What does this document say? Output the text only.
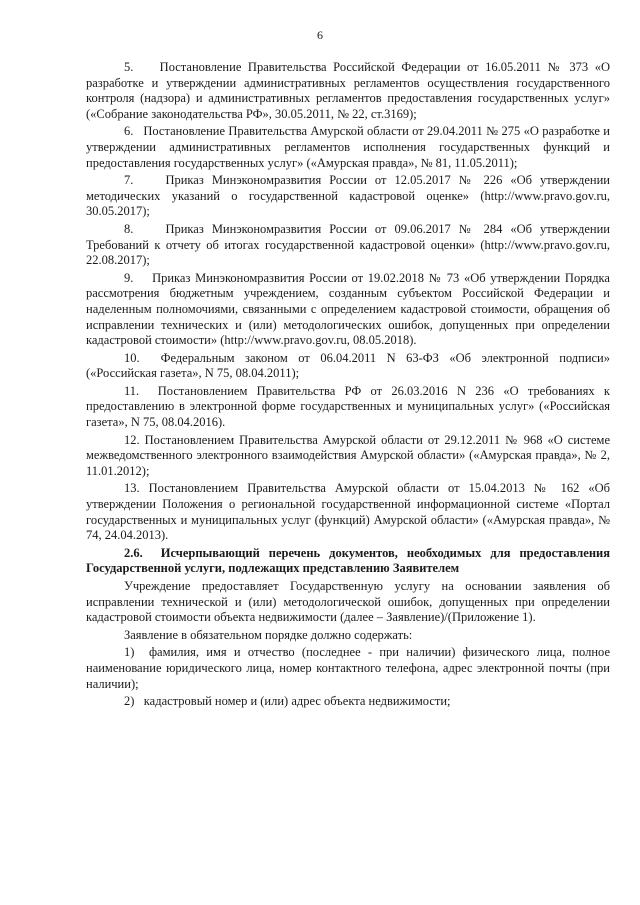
6

5.    Постановление Правительства Российской Федерации от 16.05.2011 № 373 «О разработке и утверждении административных регламентов осуществления государственного контроля (надзора) и административных регламентов предоставления государственных услуг» («Собрание законодательства РФ», 30.05.2011, № 22, ст.3169);

6.   Постановление Правительства Амурской области от 29.04.2011 № 275 «О разработке и утверждении административных регламентов исполнения государственных функций и предоставления государственных услуг» («Амурская правда», № 81, 11.05.2011);

7.    Приказ Минэкономразвития России от 12.05.2017 № 226 «Об утверждении методических указаний о государственной кадастровой оценке» (http://www.pravo.gov.ru, 30.05.2017);

8.    Приказ Минэкономразвития России от 09.06.2017 № 284 «Об утверждении Требований к отчету об итогах государственной кадастровой оценки» (http://www.pravo.gov.ru, 22.08.2017);

9.    Приказ Минэкономразвития России от 19.02.2018 № 73 «Об утверждении Порядка рассмотрения бюджетным учреждением, созданным субъектом Российской Федерации и наделенным полномочиями, связанными с определением кадастровой стоимости, обращения об исправлении технических и (или) методологических ошибок, допущенных при определении кадастровой стоимости» (http://www.pravo.gov.ru, 08.05.2018).

10.  Федеральным законом от 06.04.2011 N 63-ФЗ «Об электронной подписи» («Российская газета», N 75, 08.04.2011);

11.  Постановлением Правительства РФ от 26.03.2016 N 236 «О требованиях к предоставлению в электронной форме государственных и муниципальных услуг» («Российская газета», N 75, 08.04.2016).

12. Постановлением Правительства Амурской области от 29.12.2011 № 968 «О системе межведомственного электронного взаимодействия Амурской области» («Амурская правда», № 2, 11.01.2012);

13. Постановлением Правительства Амурской области от 15.04.2013 № 162 «Об утверждении Положения о региональной государственной информационной системе «Портал государственных и муниципальных услуг (функций) Амурской области» («Амурская правда», № 74, 24.04.2013).

2.6.  Исчерпывающий перечень документов, необходимых для предоставления Государственной услуги, подлежащих представлению Заявителем

Учреждение предоставляет Государственную услугу на основании заявления об исправлении технической и (или) методологической ошибок, допущенных при определении кадастровой стоимости объекта недвижимости (далее – Заявление)/(Приложение 1).

Заявление в обязательном порядке должно содержать:

1)  фамилия, имя и отчество (последнее - при наличии) физического лица, полное наименование юридического лица, номер контактного телефона, адрес электронной почты (при наличии);

2)   кадастровый номер и (или) адрес объекта недвижимости;
